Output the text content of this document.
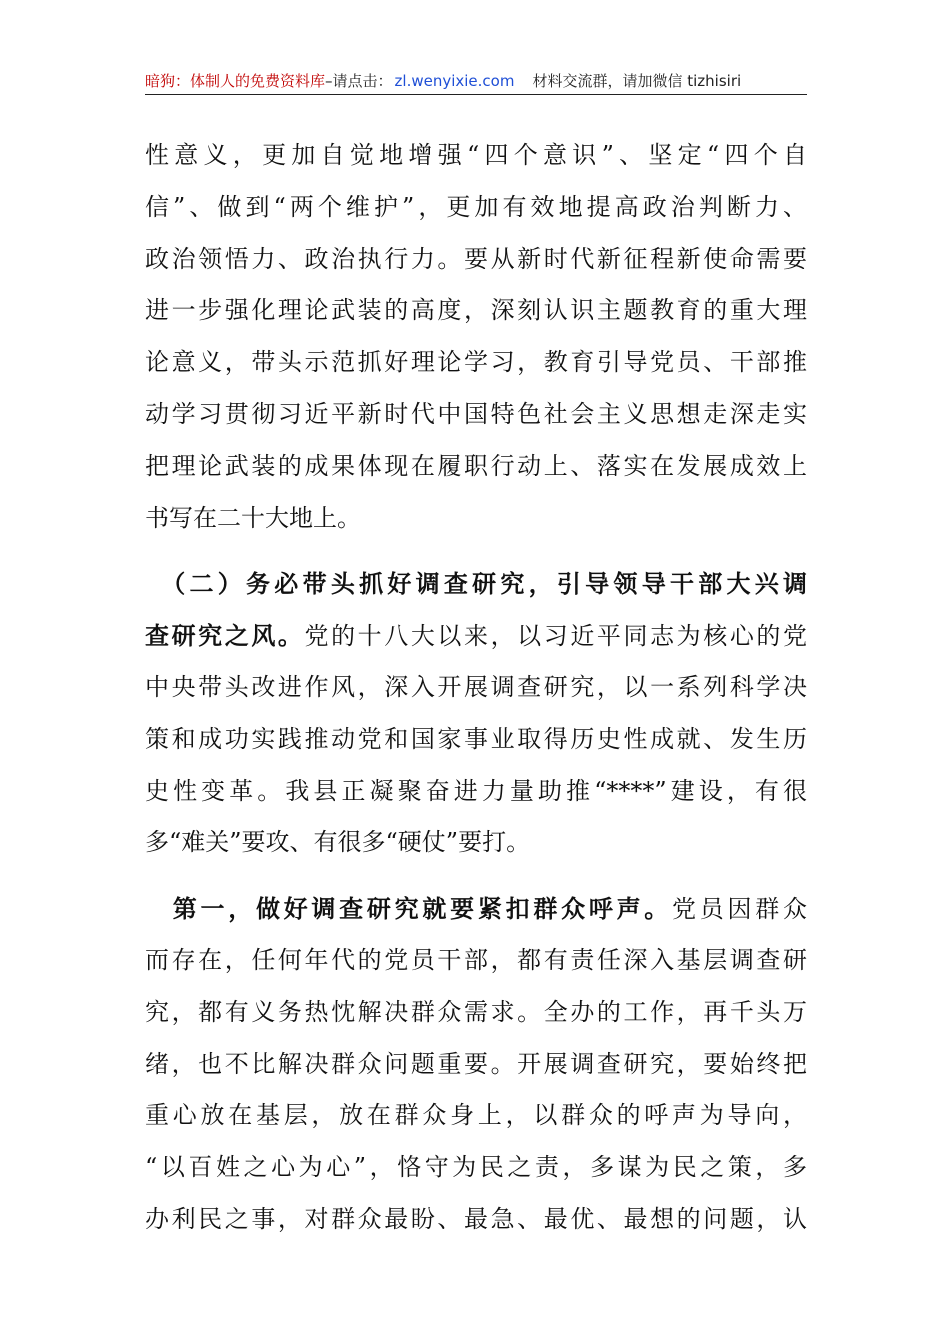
暗狗：体制人的免费资料库 –请点击： zl.wenyixie.com 材料交流群，请加微信 tizhisiri
性意义，更加自觉地增强“四个意识”、坚定“四个自
信”、做到“两个维护”，更加有效地提高政治判断力、
政治领悟力、政治执行力。要从新时代新征程新使命需要
进一步强化理论武装的高度，深刻认识主题教育的重大理
论意义，带头示范抓好理论学习，教育引导党员、干部推
动学习贯彻习近平新时代中国特色社会主义思想走深走实
把理论武装的成果体现在履职行动上、落实在发展成效上
书写在二十大地上。
　（二）务必带头抓好调查研究，引导领导干部大兴调
查研究之风。党的十八大以来，以习近平同志为核心的党
中央带头改进作风，深入开展调查研究，以一系列科学决
策和成功实践推动党和国家事业取得历史性成就、发生历
史性变革。我县正凝聚奋进力量助推“****”建设，有很
多“难关”要攻、有很多“硬仗”要打。
　第一，做好调查研究就要紧扣群众呼声。党员因群众
而存在，任何年代的党员干部，都有责任深入基层调查研
究，都有义务热忱解决群众需求。全办的工作，再千头万
绪，也不比解决群众问题重要。开展调查研究，要始终把
重心放在基层，放在群众身上，以群众的呼声为导向，
“以百姓之心为心”，恪守为民之责，多谋为民之策，多
办利民之事，对群众最盼、最急、最优、最想的问题，认
